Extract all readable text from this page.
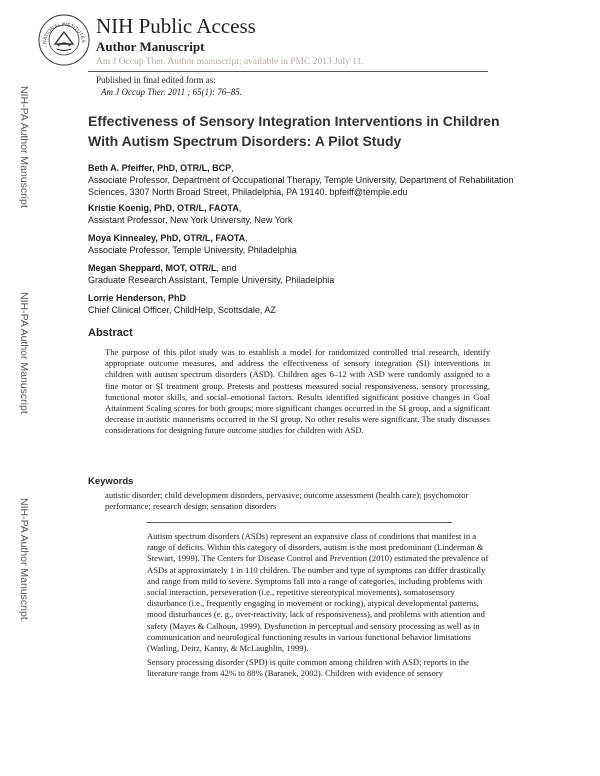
NATIONAL INSTITUTES
NIH Public Access
Author Manuscript
Am J Occup Ther. Author manuscript; available in PMC 2013 July 11.
Published in final edited form as:
Am J Occup Ther. 2011 ; 65(1): 76–85.
NIH-PA Author Manuscript
NIH-PA Author Manuscript
NIH-PA Author Manuscript
Effectiveness of Sensory Integration Interventions in Children With Autism Spectrum Disorders: A Pilot Study
Beth A. Pfeiffer, PhD, OTR/L, BCP,
Associate Professor, Department of Occupational Therapy, Temple University, Department of Rehabilitation Sciences, 3307 North Broad Street, Philadelphia, PA 19140. bpfeiff@temple.edu
Kristie Koenig, PhD, OTR/L, FAOTA,
Assistant Professor, New York University, New York
Moya Kinnealey, PhD, OTR/L, FAOTA,
Associate Professor, Temple University, Philadelphia
Megan Sheppard, MOT, OTR/L, and
Graduate Research Assistant, Temple University, Philadelphia
Lorrie Henderson, PhD
Chief Clinical Officer, ChildHelp, Scottsdale, AZ
Abstract
The purpose of this pilot study was to establish a model for randomized controlled trial research, identify appropriate outcome measures, and address the effectiveness of sensory integration (SI) interventions in children with autism spectrum disorders (ASD). Children ages 6–12 with ASD were randomly assigned to a fine motor or SI treatment group. Pretests and posttests measured social responsiveness, sensory processing, functional motor skills, and social–emotional factors. Results identified significant positive changes in Goal Attainment Scaling scores for both groups; more significant changes occurred in the SI group, and a significant decrease in autistic mannerisms occurred in the SI group. No other results were significant. The study discusses considerations for designing future outcome studies for children with ASD.
Keywords
autistic disorder; child development disorders, pervasive; outcome assessment (health care); psychomotor performance; research design; sensation disorders
Autism spectrum disorders (ASDs) represent an expansive class of conditions that manifest in a range of deficits. Within this category of disorders, autism is the most predominant (Linderman & Stewart, 1999). The Centers for Disease Control and Prevention (2010) estimated the prevalence of ASDs at approximately 1 in 110 children. The number and type of symptoms can differ drastically and range from mild to severe. Symptoms fall into a range of categories, including problems with social interaction, perseveration (i.e., repetitive stereotypical movements), somatosensory disturbance (i.e., frequently engaging in movement or rocking), atypical developmental patterns, mood disturbances (e. g., over-reactivity, lack of responsiveness), and problems with attention and safety (Mayes & Calhoun, 1999). Dysfunction in perceptual and sensory processing as well as in communication and neurological functioning results in various functional behavior limitations (Watling, Deitz, Kanny, & McLaughlin, 1999).
Sensory processing disorder (SPD) is quite common among children with ASD; reports in the literature range from 42% to 88% (Baranek, 2002). Children with evidence of sensory
